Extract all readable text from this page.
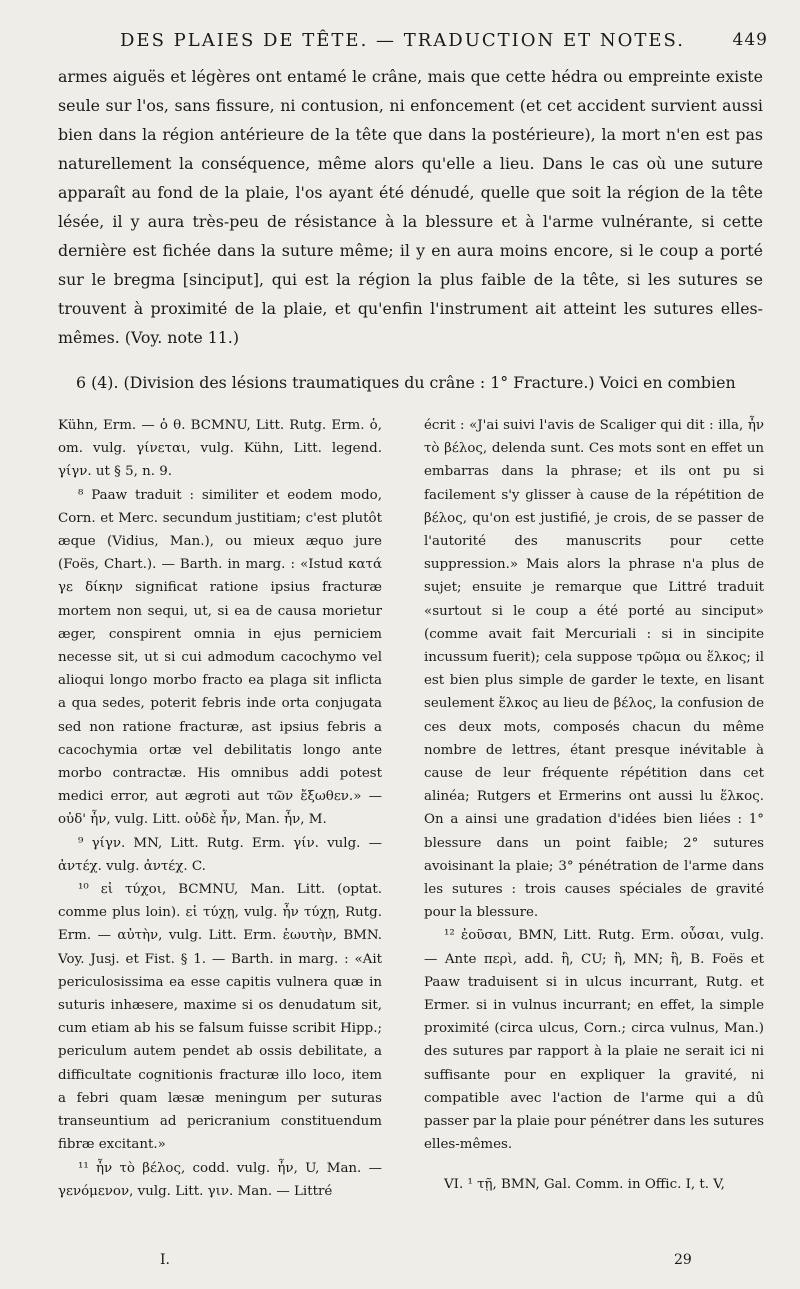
DES PLAIES DE TÊTE. — TRADUCTION ET NOTES.	449

armes aiguës et légères ont entamé le crâne, mais que cette hédra ou empreinte existe seule sur l'os, sans fissure, ni contusion, ni enfoncement (et cet accident survient aussi bien dans la région antérieure de la tête que dans la postérieure), la mort n'en est pas naturellement la conséquence, même alors qu'elle a lieu. Dans le cas où une suture apparaît au fond de la plaie, l'os ayant été dénudé, quelle que soit la région de la tête lésée, il y aura très-peu de résistance à la blessure et à l'arme vulnérante, si cette dernière est fichée dans la suture même; il y en aura moins encore, si le coup a porté sur le bregma [sinciput], qui est la région la plus faible de la tête, si les sutures se trouvent à proximité de la plaie, et qu'enfin l'instrument ait atteint les sutures elles-mêmes. (Voy. note 11.)

6 (4). (Division des lésions traumatiques du crâne : 1° Fracture.) Voici en combien

Kühn, Erm. — ὁ θ. BCMNU, Litt. Rutg. Erm. ὁ, om. vulg. γίνεται, vulg. Kühn, Litt. legend. γίγν. ut § 5, n. 9.

⁸ Paaw traduit : similiter et eodem modo, Corn. et Merc. secundum justitiam; c'est plutôt æque (Vidius, Man.), ou mieux æquo jure (Foës, Chart.). — Barth. in marg. : «Istud κατά γε δίκην significat ratione ipsius fracturæ mortem non sequi, ut, si ea de causa morietur æger, conspirent omnia in ejus perniciem necesse sit, ut si cui admodum cacochymo vel alioqui longo morbo fracto ea plaga sit inflicta a qua sedes, poterit febris inde orta conjugata sed non ratione fracturæ, ast ipsius febris a cacochymia ortæ vel debilitatis longo ante morbo contractæ. His omnibus addi potest medici error, aut ægroti aut τῶν ἔξωθεν.» — οὐδ' ἦν, vulg. Litt. οὐδὲ ἦν, Man. ἦν, M.

⁹ γίγν. MN, Litt. Rutg. Erm. γίν. vulg. — ἀντέχ. vulg. ἀντέχ. C.

¹⁰ εἰ τύχοι, BCMNU, Man. Litt. (optat. comme plus loin). εἰ τύχῃ, vulg. ἦν τύχῃ, Rutg. Erm. — αὐτὴν, vulg. Litt. Erm. ἑωυτὴν, BMN. Voy. Jusj. et Fist. § 1. — Barth. in marg. : «Ait periculosissima ea esse capitis vulnera quæ in suturis inhæsere, maxime si os denudatum sit, cum etiam ab his se falsum fuisse scribit Hipp.; periculum autem pendet ab ossis debilitate, a difficultate cognitionis fracturæ illo loco, item a febri quam læsæ meningum per suturas transeuntium ad pericranium constituendum fibræ excitant.»

¹¹ ἦν τὸ βέλος, codd. vulg. ἦν, U, Man. — γενόμενον, vulg. Litt. γιν. Man. — Littré

écrit : «J'ai suivi l'avis de Scaliger qui dit : illa, ἦν τὸ βέλος, delenda sunt. Ces mots sont en effet un embarras dans la phrase; et ils ont pu si facilement s'y glisser à cause de la répétition de βέλος, qu'on est justifié, je crois, de se passer de l'autorité des manuscrits pour cette suppression.» Mais alors la phrase n'a plus de sujet; ensuite je remarque que Littré traduit «surtout si le coup a été porté au sinciput» (comme avait fait Mercuriali : si in sincipite incussum fuerit); cela suppose τρῶμα ou ἕλκος; il est bien plus simple de garder le texte, en lisant seulement ἕλκος au lieu de βέλος, la confusion de ces deux mots, composés chacun du même nombre de lettres, étant presque inévitable à cause de leur fréquente répétition dans cet alinéa; Rutgers et Ermerins ont aussi lu ἕλκος. On a ainsi une gradation d'idées bien liées : 1° blessure dans un point faible; 2° sutures avoisinant la plaie; 3° pénétration de l'arme dans les sutures : trois causes spéciales de gravité pour la blessure.

¹² ἐοῦσαι, BMN, Litt. Rutg. Erm. οὖσαι, vulg. — Ante περὶ, add. ἢ, CU; ἢ, MN; ἢ, B. Foës et Paaw traduisent si in ulcus incurrant, Rutg. et Ermer. si in vulnus incurrant; en effet, la simple proximité (circa ulcus, Corn.; circa vulnus, Man.) des sutures par rapport à la plaie ne serait ici ni suffisante pour en expliquer la gravité, ni compatible avec l'action de l'arme qui a dû passer par la plaie pour pénétrer dans les sutures elles-mêmes.

VI. ¹ τῇ, BMN, Gal. Comm. in Offic. I, t. V,

I.	29
